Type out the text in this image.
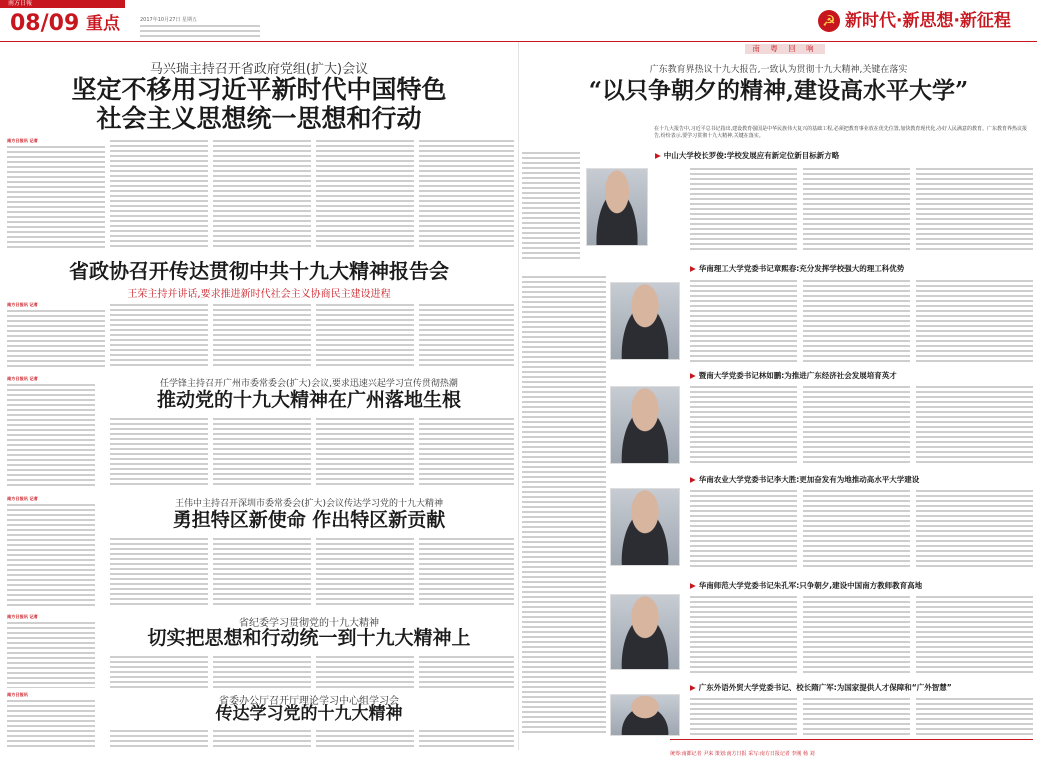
南方日報
08/09 重点	2017年10月27日 星期五	☭ 新时代·新思想·新征程
马兴瑞主持召开省政府党组(扩大)会议
坚定不移用习近平新时代中国特色
社会主义思想统一思想和行动
南方日报讯 记者
省政协召开传达贯彻中共十九大精神报告会
王荣主持并讲话,要求推进新时代社会主义协商民主建设进程
南方日报讯 记者
任学锋主持召开广州市委常委会(扩大)会议,要求迅速兴起学习宣传贯彻热潮
推动党的十九大精神在广州落地生根
南方日报讯 记者
王伟中主持召开深圳市委常委会(扩大)会议传达学习党的十九大精神
勇担特区新使命 作出特区新贡献
南方日报讯 记者
省纪委学习贯彻党的十九大精神
切实把思想和行动统一到十九大精神上
南方日报讯 记者
省委办公厅召开厅理论学习中心组学习会
传达学习党的十九大精神
南方日报讯
南 粤 回 响
广东教育界热议十九大报告,一致认为贯彻十九大精神,关键在落实
“以只争朝夕的精神,建设高水平大学”
在十九大报告中,习近平总书记指出,建设教育强国是中华民族伟大复兴的基础工程,必须把教育事业放在优先位置,加快教育现代化,办好人民满意的教育。广东教育界热议报告,纷纷表示,要学习贯彻十九大精神,关键在落实。
▶ 中山大学校长罗俊:学校发展应有新定位新目标新方略
▶ 华南理工大学党委书记章熙春:充分发挥学校强大的理工科优势
▶ 暨南大学党委书记林如鹏:为推进广东经济社会发展培育英才
▶ 华南农业大学党委书记李大胜:更加奋发有为地推动高水平大学建设
▶ 华南师范大学党委书记朱孔军:只争朝夕,建设中国南方教师教育高地
▶ 广东外语外贸大学党委书记、校长隋广军:为国家提供人才保障和“广外智慧”
统筹:南都记者 尹来 策划:南方日报 采写:南方日报记者 李刚 杨 刘
